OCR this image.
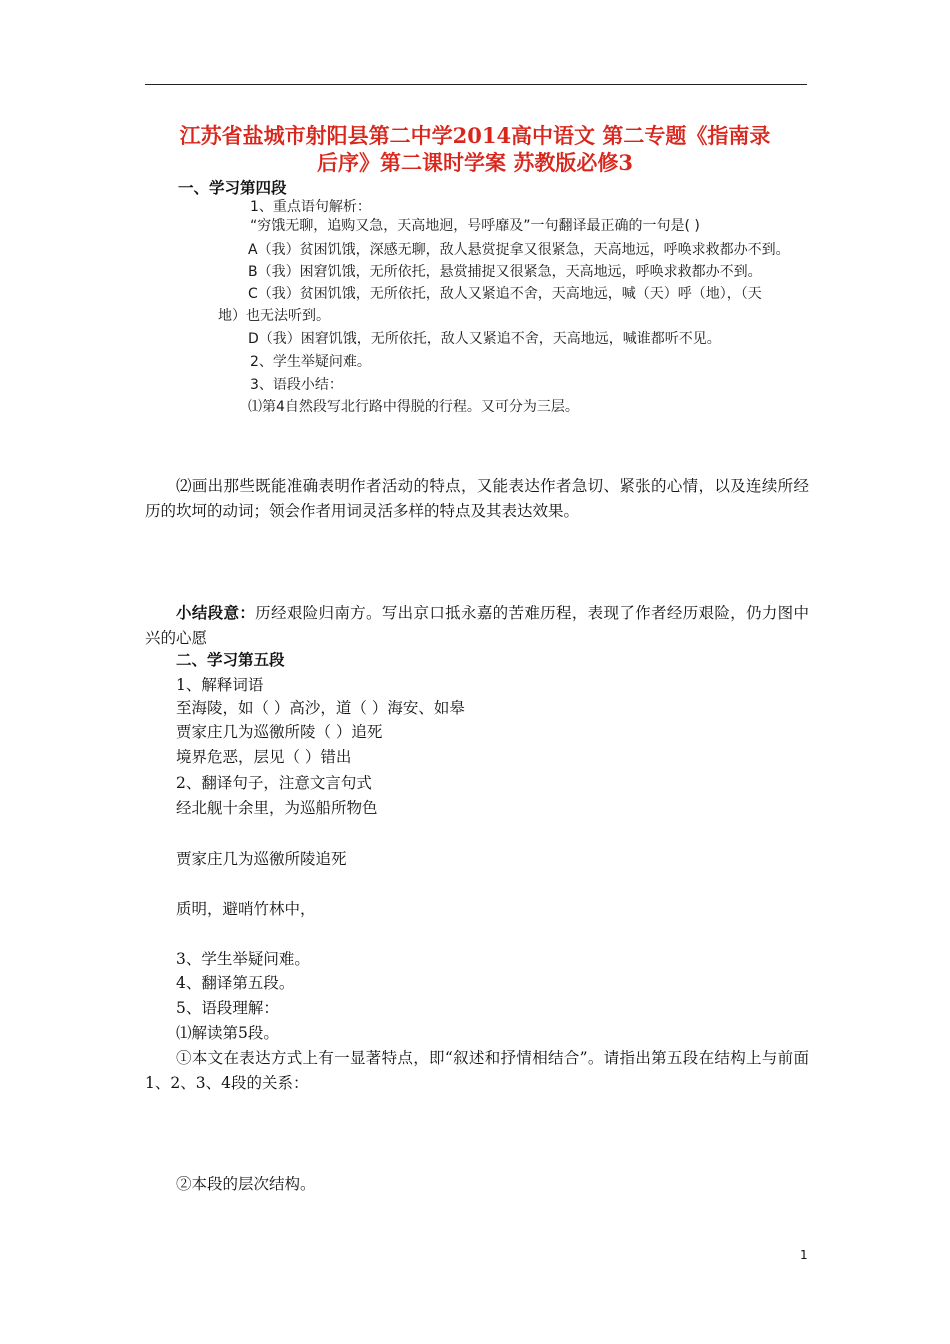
江苏省盐城市射阳县第二中学2014高中语文 第二专题《指南录
后序》第二课时学案 苏教版必修3
一、学习第四段
1、重点语句解析：
“穷饿无聊，追购又急，天高地迥，号呼靡及”一句翻译最正确的一句是( )
A（我）贫困饥饿，深感无聊，敌人悬赏捉拿又很紧急，天高地远，呼唤求救都办不到。
B（我）困窘饥饿，无所依托，悬赏捕捉又很紧急，天高地远，呼唤求救都办不到。
C（我）贫困饥饿，无所依托，敌人又紧追不舍，天高地远，喊（天）呼（地），（天
地）也无法听到。
D（我）困窘饥饿，无所依托，敌人又紧追不舍，天高地远，喊谁都听不见。
2、学生举疑问难。
3、语段小结：
⑴第4自然段写北行路中得脱的行程。又可分为三层。
⑵画出那些既能准确表明作者活动的特点，又能表达作者急切、紧张的心情，以及连续所经历的坎坷的动词；领会作者用词灵活多样的特点及其表达效果。
小结段意：历经艰险归南方。写出京口抵永嘉的苦难历程，表现了作者经历艰险，仍力图中兴的心愿
二、学习第五段
1、解释词语
至海陵，如（ ）高沙，道（ ）海安、如皋
贾家庄几为巡徼所陵（ ）追死
境界危恶，层见（ ）错出
2、翻译句子，注意文言句式
经北舰十余里，为巡船所物色
贾家庄几为巡徼所陵追死
质明，避哨竹林中，
3、学生举疑问难。
4、翻译第五段。
5、语段理解：
⑴解读第5段。
①本文在表达方式上有一显著特点，即“叙述和抒情相结合”。请指出第五段在结构上与前面1、2、3、4段的关系：
②本段的层次结构。
1
